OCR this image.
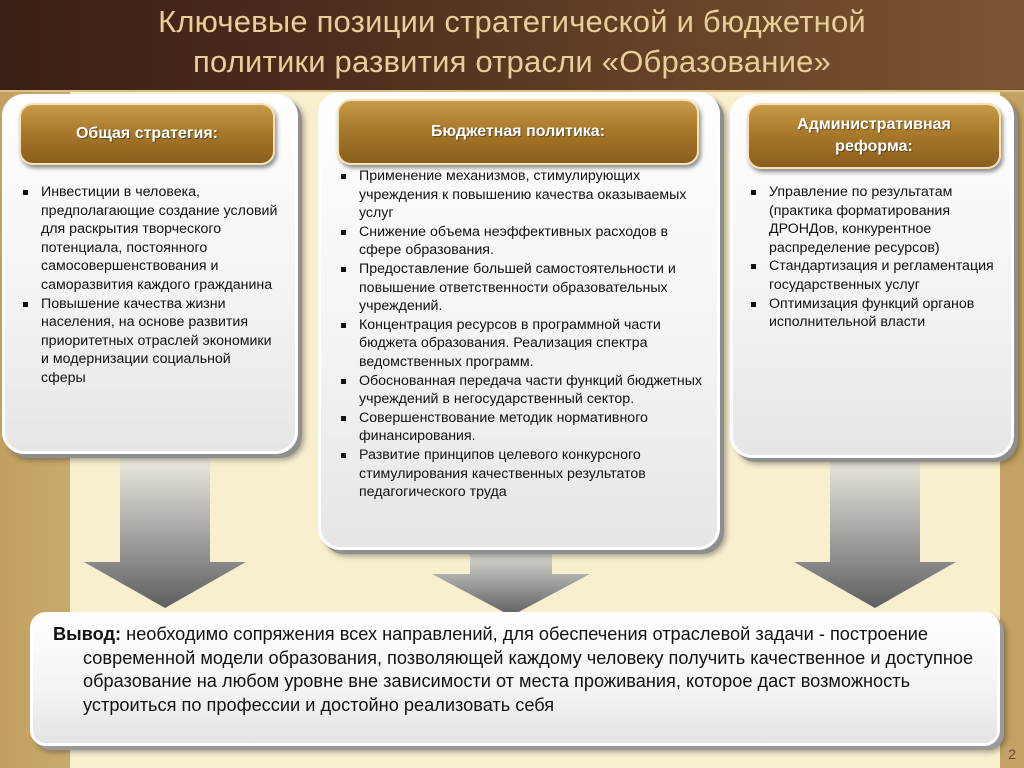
Ключевые позиции стратегической и бюджетной
политики развития отрасли «Образование»
Общая стратегия:
Инвестиции в человека, предполагающие создание условий для раскрытия творческого потенциала, постоянного самосовершенствования и саморазвития каждого гражданина
Повышение качества жизни населения, на основе развития приоритетных отраслей экономики и модернизации социальной сферы
Бюджетная политика:
Применение механизмов, стимулирующих учреждения к повышению качества оказываемых услуг
Снижение объема неэффективных расходов в сфере образования.
Предоставление большей самостоятельности и повышение ответственности образовательных учреждений.
Концентрация ресурсов в программной части бюджета образования. Реализация спектра ведомственных программ.
Обоснованная передача части функций бюджетных учреждений в негосударственный сектор.
Совершенствование методик нормативного финансирования.
Развитие принципов целевого конкурсного стимулирования качественных результатов педагогического труда
Административная
реформа:
Управление по результатам (практика форматирования ДРОНДов, конкурентное распределение ресурсов)
Стандартизация и регламентация государственных услуг
Оптимизация функций органов исполнительной власти
Вывод: необходимо сопряжения всех направлений, для обеспечения отраслевой задачи - построение современной модели образования, позволяющей каждому человеку получить качественное и доступное образование на любом уровне вне зависимости от места проживания, которое даст возможность устроиться по профессии и достойно реализовать себя
2
